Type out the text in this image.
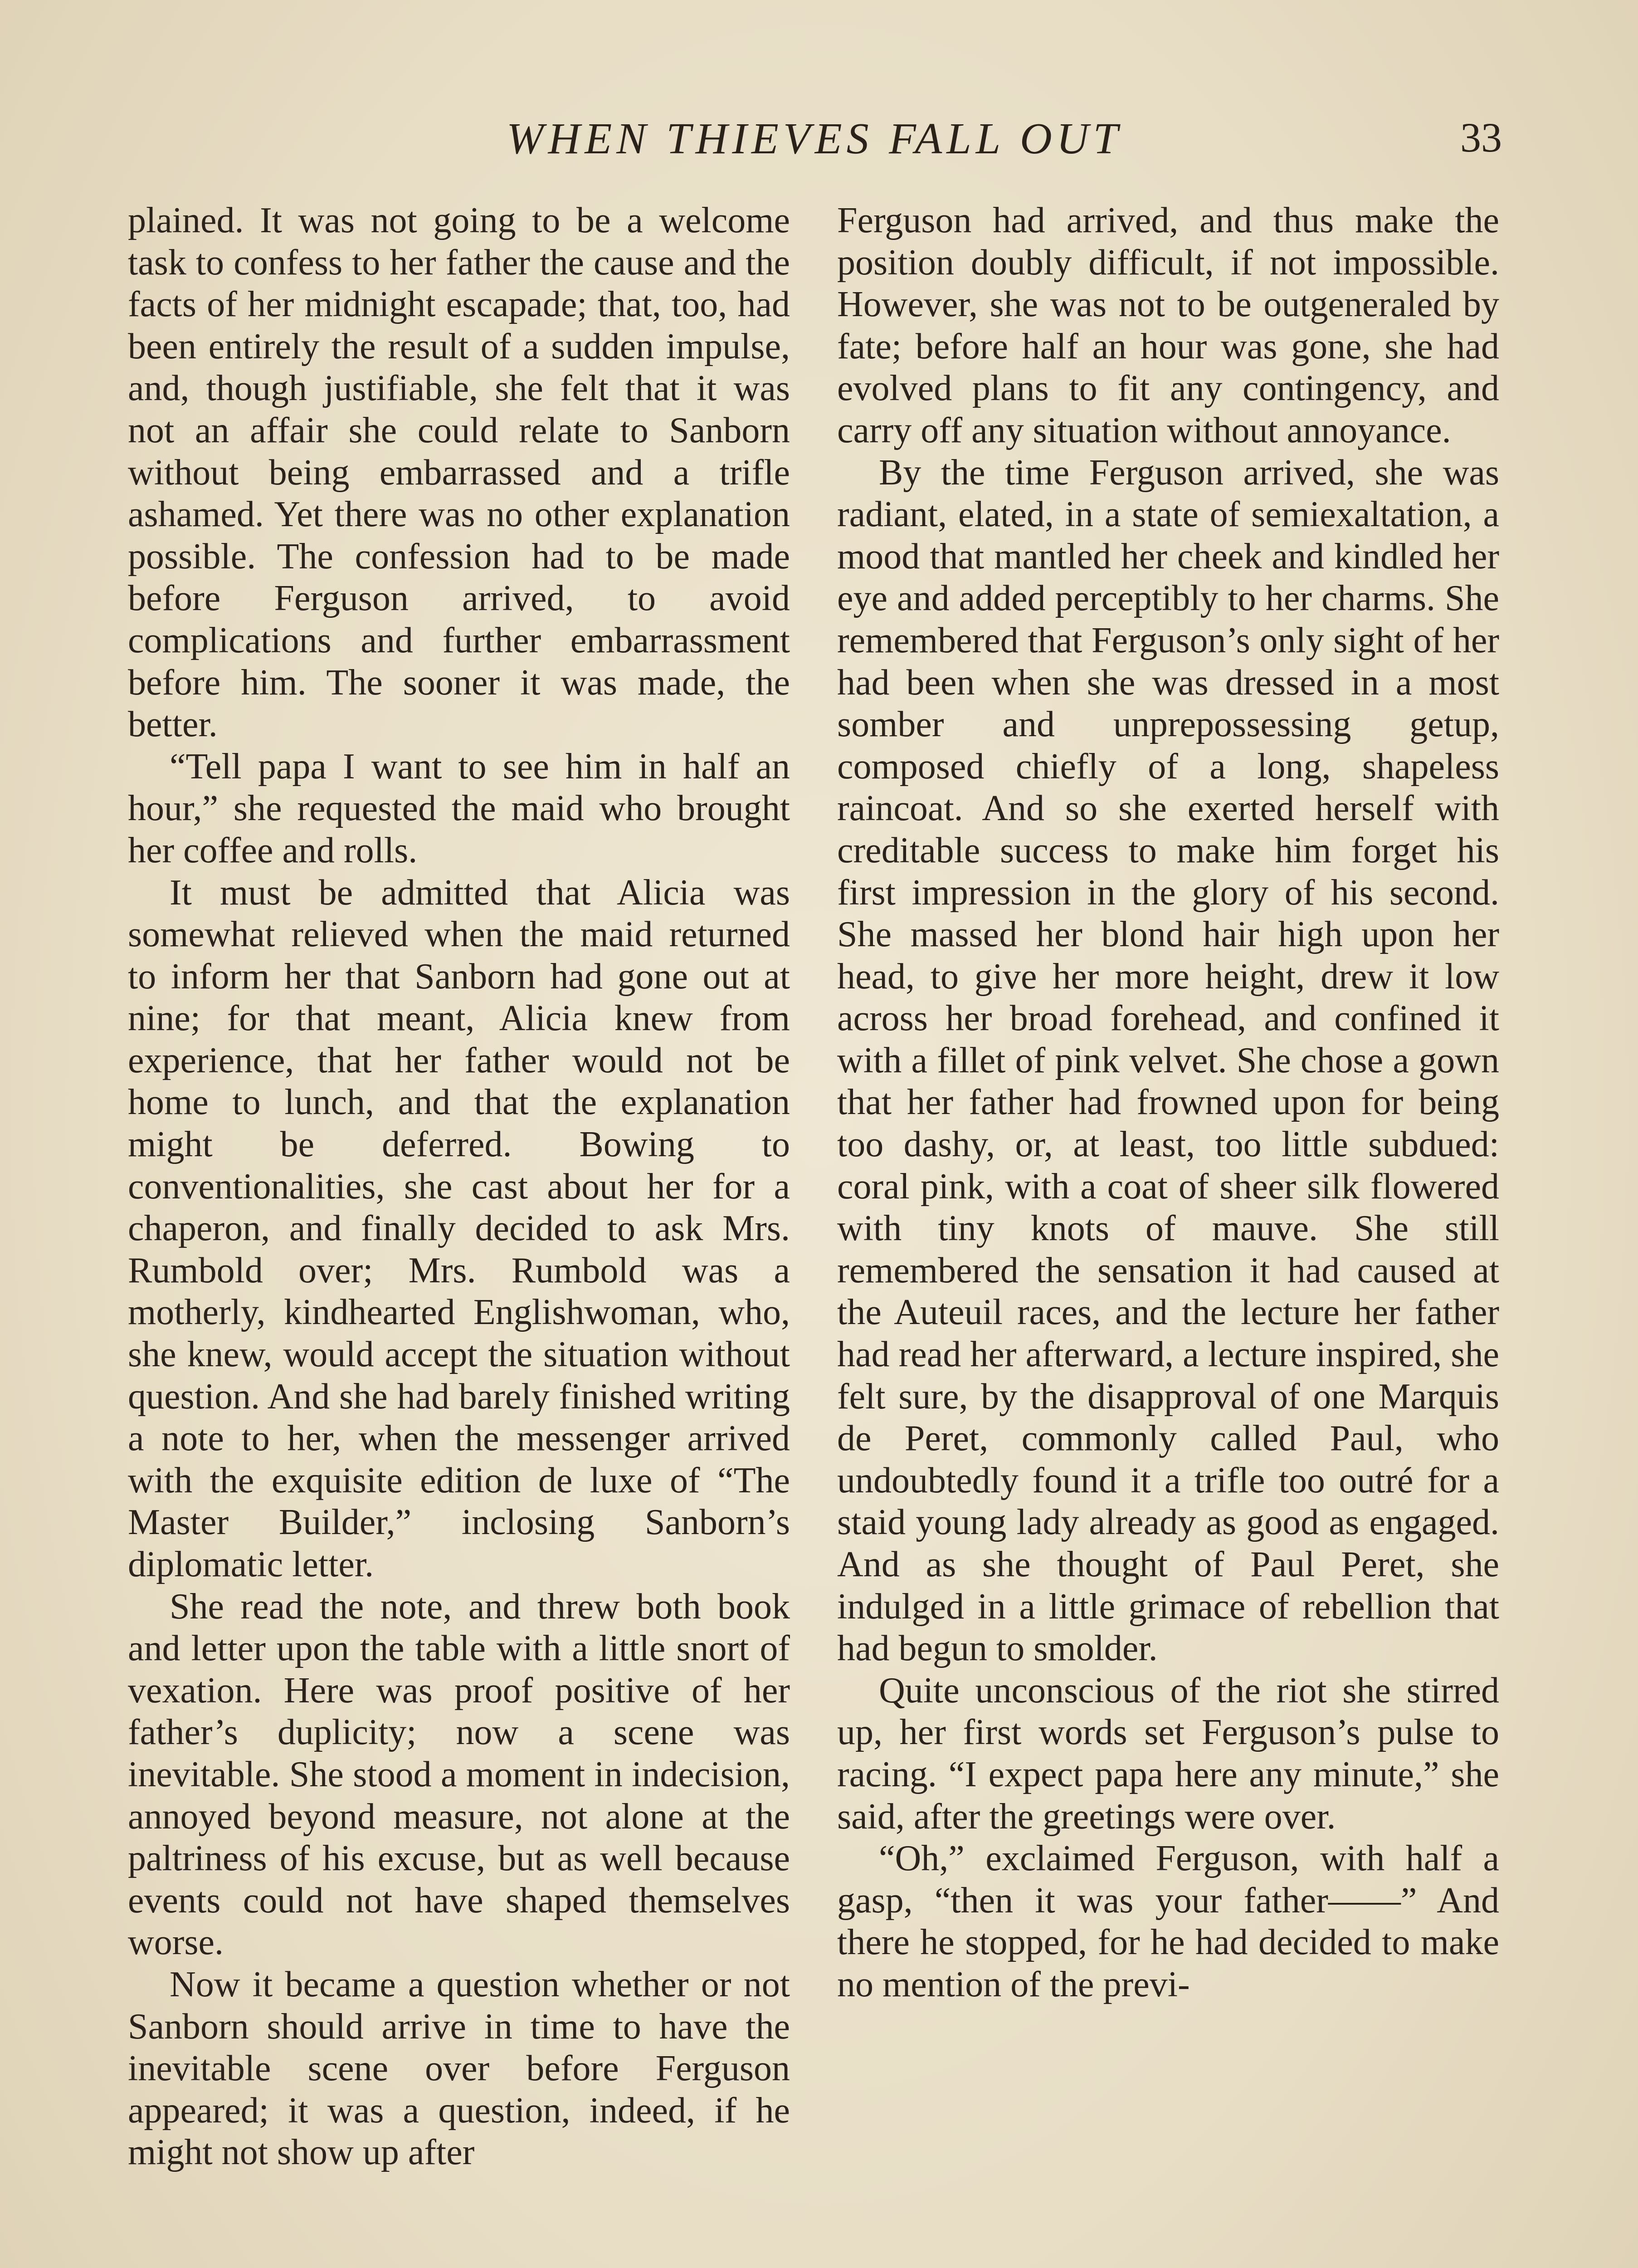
WHEN THIEVES FALL OUT	33

plained. It was not going to be a welcome task to confess to her father the cause and the facts of her midnight escapade; that, too, had been entirely the result of a sudden impulse, and, though justifiable, she felt that it was not an affair she could relate to Sanborn without being embarrassed and a trifle ashamed. Yet there was no other explanation possible. The confession had to be made before Ferguson arrived, to avoid complications and further embarrassment before him. The sooner it was made, the better.

“Tell papa I want to see him in half an hour,” she requested the maid who brought her coffee and rolls.

It must be admitted that Alicia was somewhat relieved when the maid returned to inform her that Sanborn had gone out at nine; for that meant, Alicia knew from experience, that her father would not be home to lunch, and that the explanation might be deferred. Bowing to conventionalities, she cast about her for a chaperon, and finally decided to ask Mrs. Rumbold over; Mrs. Rumbold was a motherly, kindhearted Englishwoman, who, she knew, would accept the situation without question. And she had barely finished writing a note to her, when the messenger arrived with the exquisite edition de luxe of “The Master Builder,” inclosing Sanborn’s diplomatic letter.

She read the note, and threw both book and letter upon the table with a little snort of vexation. Here was proof positive of her father’s duplicity; now a scene was inevitable. She stood a moment in indecision, annoyed beyond measure, not alone at the paltriness of his excuse, but as well because events could not have shaped themselves worse.

Now it became a question whether or not Sanborn should arrive in time to have the inevitable scene over before Ferguson appeared; it was a question, indeed, if he might not show up after

Ferguson had arrived, and thus make the position doubly difficult, if not impossible. However, she was not to be outgeneraled by fate; before half an hour was gone, she had evolved plans to fit any contingency, and carry off any situation without annoyance.

By the time Ferguson arrived, she was radiant, elated, in a state of semiexaltation, a mood that mantled her cheek and kindled her eye and added perceptibly to her charms. She remembered that Ferguson’s only sight of her had been when she was dressed in a most somber and unprepossessing getup, composed chiefly of a long, shapeless raincoat. And so she exerted herself with creditable success to make him forget his first impression in the glory of his second. She massed her blond hair high upon her head, to give her more height, drew it low across her broad forehead, and confined it with a fillet of pink velvet. She chose a gown that her father had frowned upon for being too dashy, or, at least, too little subdued: coral pink, with a coat of sheer silk flowered with tiny knots of mauve. She still remembered the sensation it had caused at the Auteuil races, and the lecture her father had read her afterward, a lecture inspired, she felt sure, by the disapproval of one Marquis de Peret, commonly called Paul, who undoubtedly found it a trifle too outré for a staid young lady already as good as engaged. And as she thought of Paul Peret, she indulged in a little grimace of rebellion that had begun to smolder.

Quite unconscious of the riot she stirred up, her first words set Ferguson’s pulse to racing. “I expect papa here any minute,” she said, after the greetings were over.

“Oh,” exclaimed Ferguson, with half a gasp, “then it was your father——” And there he stopped, for he had decided to make no mention of the previ-
